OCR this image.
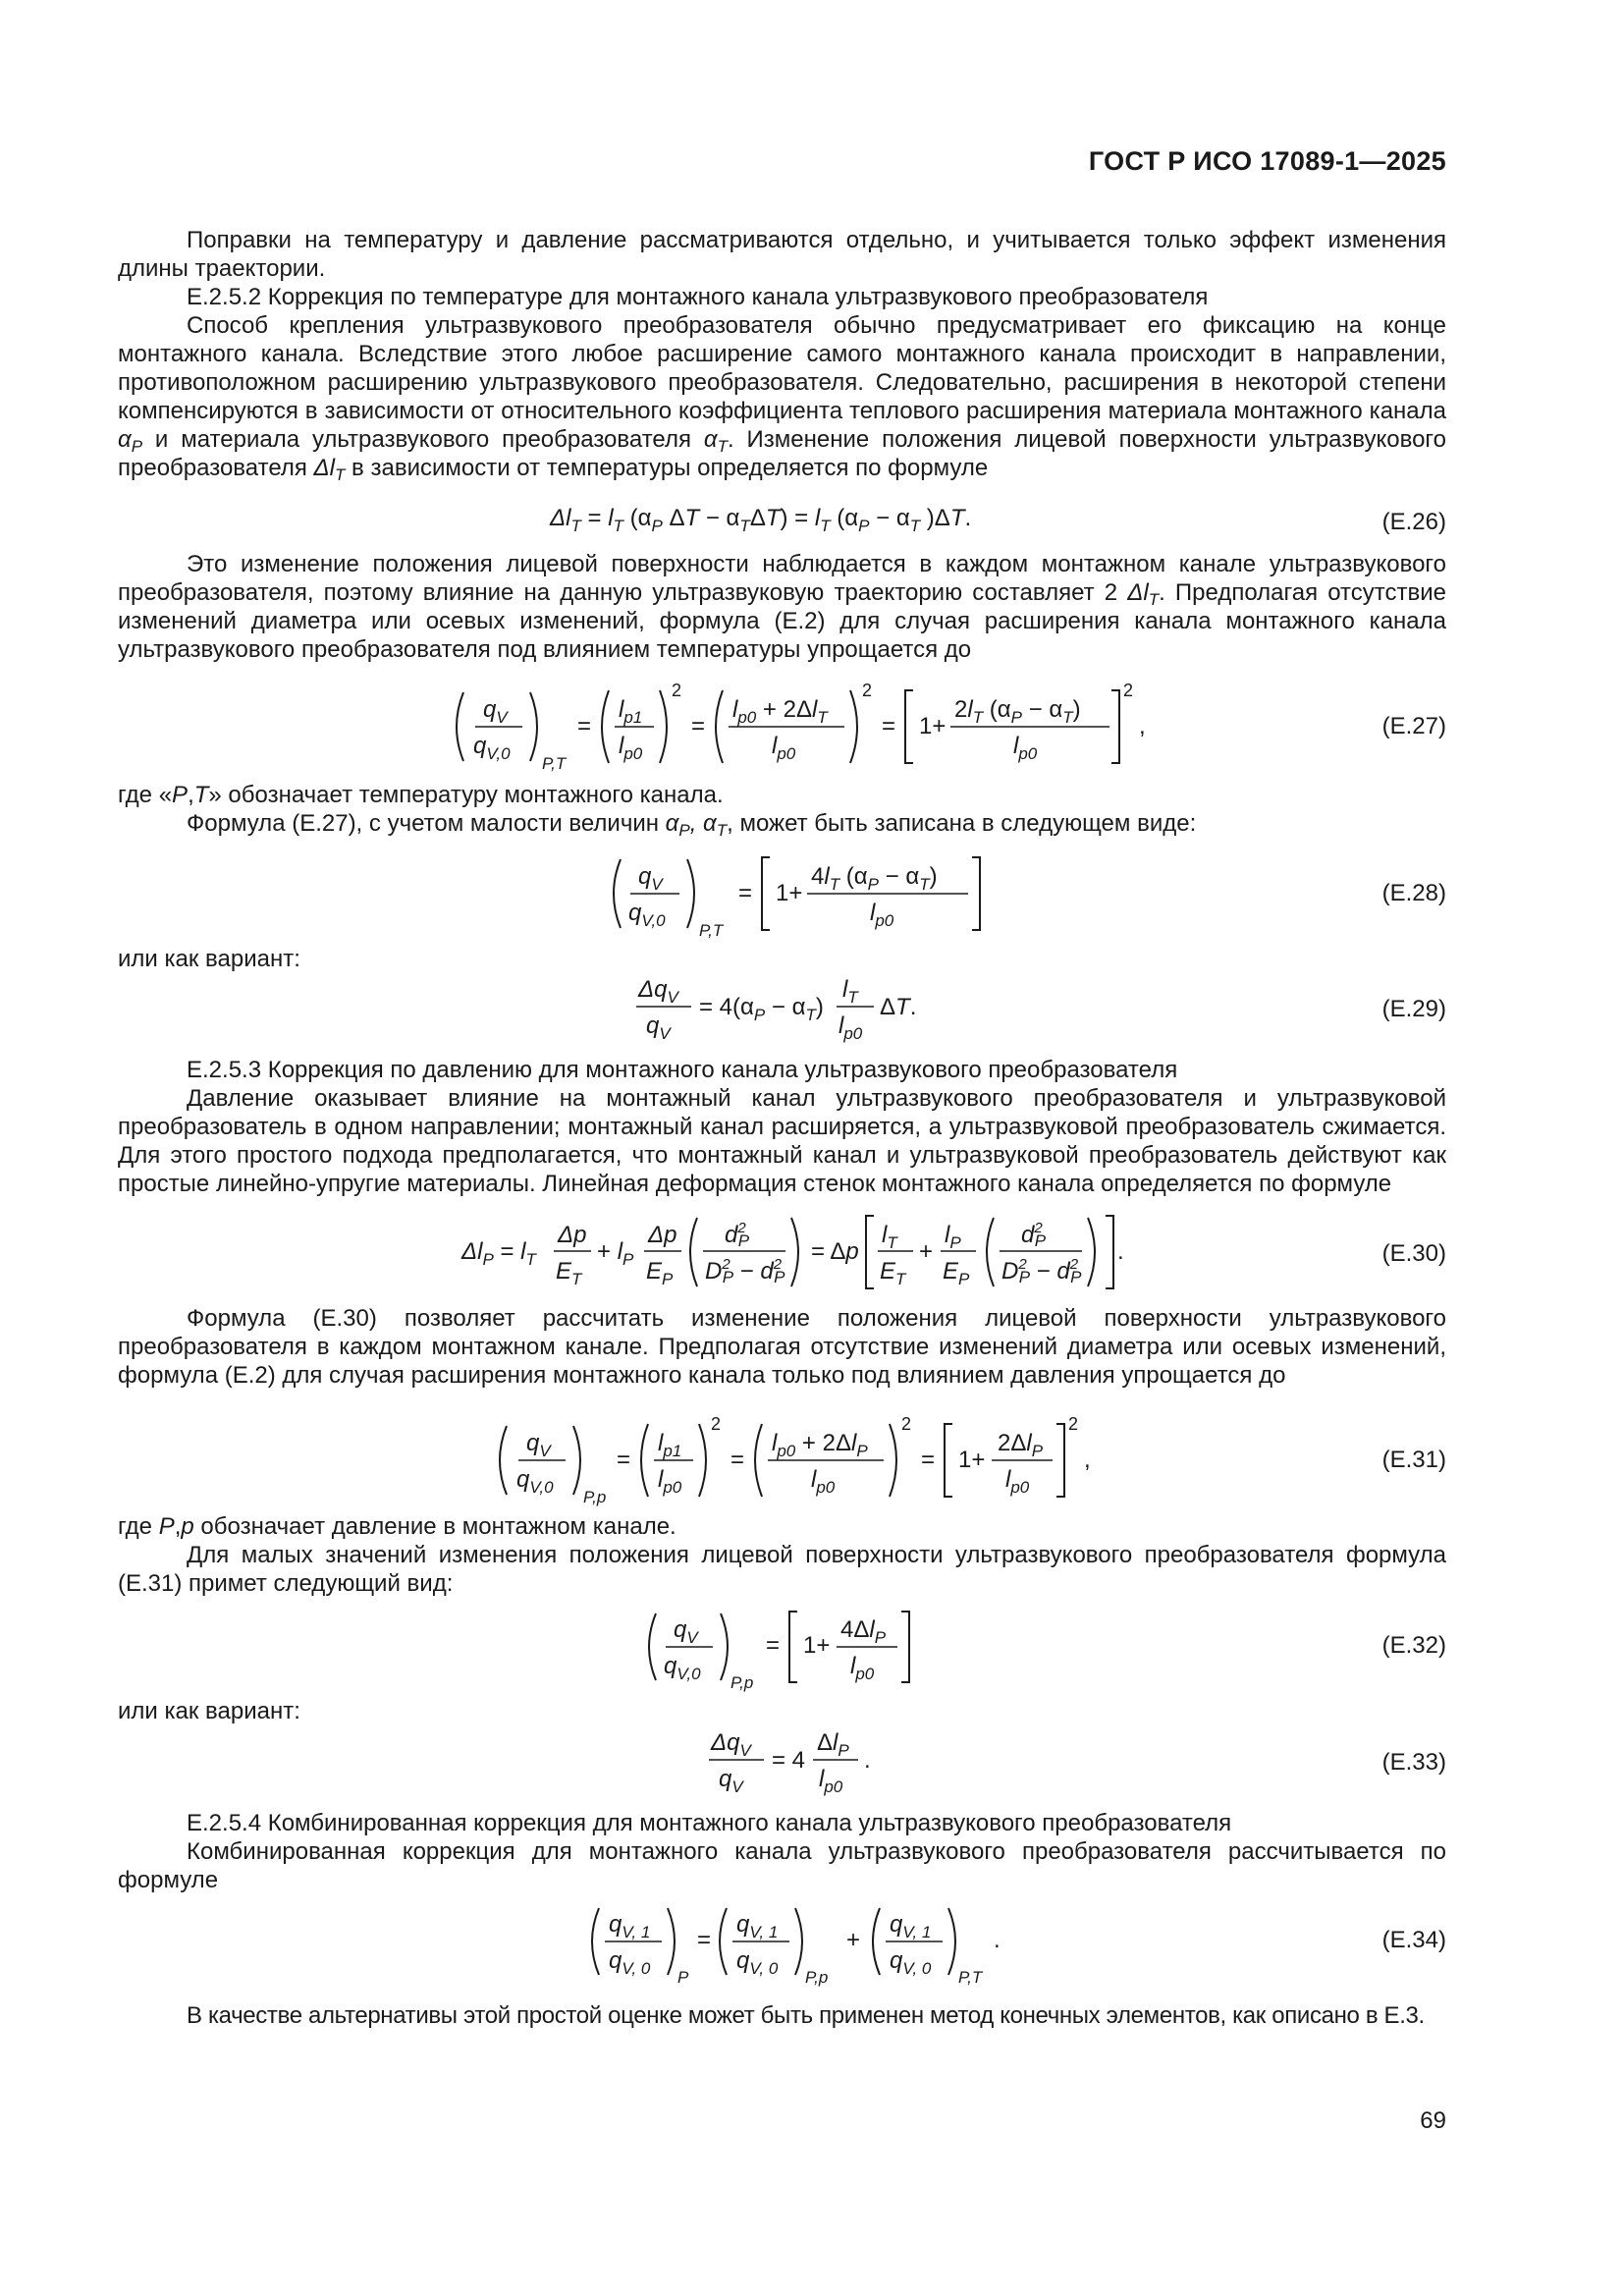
ГОСТ Р ИСО 17089-1—2025
Поправки на температуру и давление рассматриваются отдельно, и учитывается только эффект изменения длины траектории.
E.2.5.2 Коррекция по температуре для монтажного канала ультразвукового преобразователя
Способ крепления ультразвукового преобразователя обычно предусматривает его фиксацию на конце монтажного канала. Вследствие этого любое расширение самого монтажного канала происходит в направлении, противоположном расширению ультразвукового преобразователя. Следовательно, расширения в некоторой степени компенсируются в зависимости от относительного коэффициента теплового расширения материала монтажного канала $\alpha_P$ и материала ультразвукового преобразователя $\alpha_T$. Изменение положения лицевой поверхности ультразвукового преобразователя $\Delta l_T$ в зависимости от температуры определяется по формуле
$\Delta l_T = l_T$ ($\alpha_P$ $\Delta T - \alpha_T\Delta T) = l_T$ ($\alpha_P - \alpha_T$ )ΔT.	(E.26)
Это изменение положения лицевой поверхности наблюдается в каждом монтажном канале ультразвукового преобразователя, поэтому влияние на данную ультразвуковую траекторию составляет 2 $\Delta l_T$. Предполагая отсутствие изменений диаметра или осевых изменений, формула (E.2) для случая расширения канала монтажного канала ультразвукового преобразователя под влиянием температуры упрощается до
$q_V$
$q_{V,0}$
P,T
=
$l_{p1}$
$l_{p0}$
2
=
$l_{p0} + 2\Delta l_T$
$l_{p0}$
2
= 1+
$2l_T$ $(\alpha_P - \alpha_T)$
$l_{p0}$
2
,	(E.27)
где «P,T» обозначает температуру монтажного канала.
Формула (E.27), с учетом малости величин $\alpha_P$, $\alpha_T$, может быть записана в следующем виде:
$q_V$
$q_{V,0}$
P,T
= 1+
$4l_T$ $(\alpha_P - \alpha_T)$
$l_{p0}$
(E.28)
или как вариант:
$\Delta q_V$
$q_V$
= $4(\alpha_P - \alpha_T)$
$l_T$
$l_{p0}$
ΔT.	(E.29)
E.2.5.3 Коррекция по давлению для монтажного канала ультразвукового преобразователя
Давление оказывает влияние на монтажный канал ультразвукового преобразователя и ультразвуковой преобразователь в одном направлении; монтажный канал расширяется, а ультразвуковой преобразователь сжимается. Для этого простого подхода предполагается, что монтажный канал и ультразвуковой преобразователь действуют как простые линейно-упругие материалы. Линейная деформация стенок монтажного канала определяется по формуле
$\Delta l_P = l_T$
Δp
$E_T$
+ $l_P$
Δp
$E_P$
$d^2$ P
$D^2$ $P - d^2$ P
= Δp
$l_T$
$E_T$
+
$l_P$
$E_P$
$d^2$ P
$D^2$ $P - d^2$ P
.	(E.30)
Формула (E.30) позволяет рассчитать изменение положения лицевой поверхности ультразвукового преобразователя в каждом монтажном канале. Предполагая отсутствие изменений диаметра или осевых изменений, формула (E.2) для случая расширения монтажного канала только под влиянием давления упрощается до
$q_V$
$q_{V,0}$
P,p
=
$l_{p1}$
$l_{p0}$
2
=
$l_{p0} + 2\Delta l_P$
$l_{p0}$
2
= 1+
$2\Delta l_P$
$l_{p0}$
2
,	(E.31)
где P,p обозначает давление в монтажном канале.
Для малых значений изменения положения лицевой поверхности ультразвукового преобразователя формула (E.31) примет следующий вид:
$q_V$
$q_{V,0}$ P,p
= 1+
$4\Delta l_P$
$l_{p0}$
(E.32)
или как вариант:
$\Delta q_V$
$q_V$
= 4
$\Delta l_P$
$l_{p0}$
.	(E.33)
E.2.5.4 Комбинированная коррекция для монтажного канала ультразвукового преобразователя
Комбинированная коррекция для монтажного канала ультразвукового преобразователя рассчитывается по формуле
$q_{V, 1}$
$q_{V, 0}$ P
=
$q_{V, 1}$
$q_{V, 0}$ P,p
+
$q_{V, 1}$
$q_{V, 0}$ P,T
.	(E.34)
В качестве альтернативы этой простой оценке может быть применен метод конечных элементов, как описано в E.3.
69
